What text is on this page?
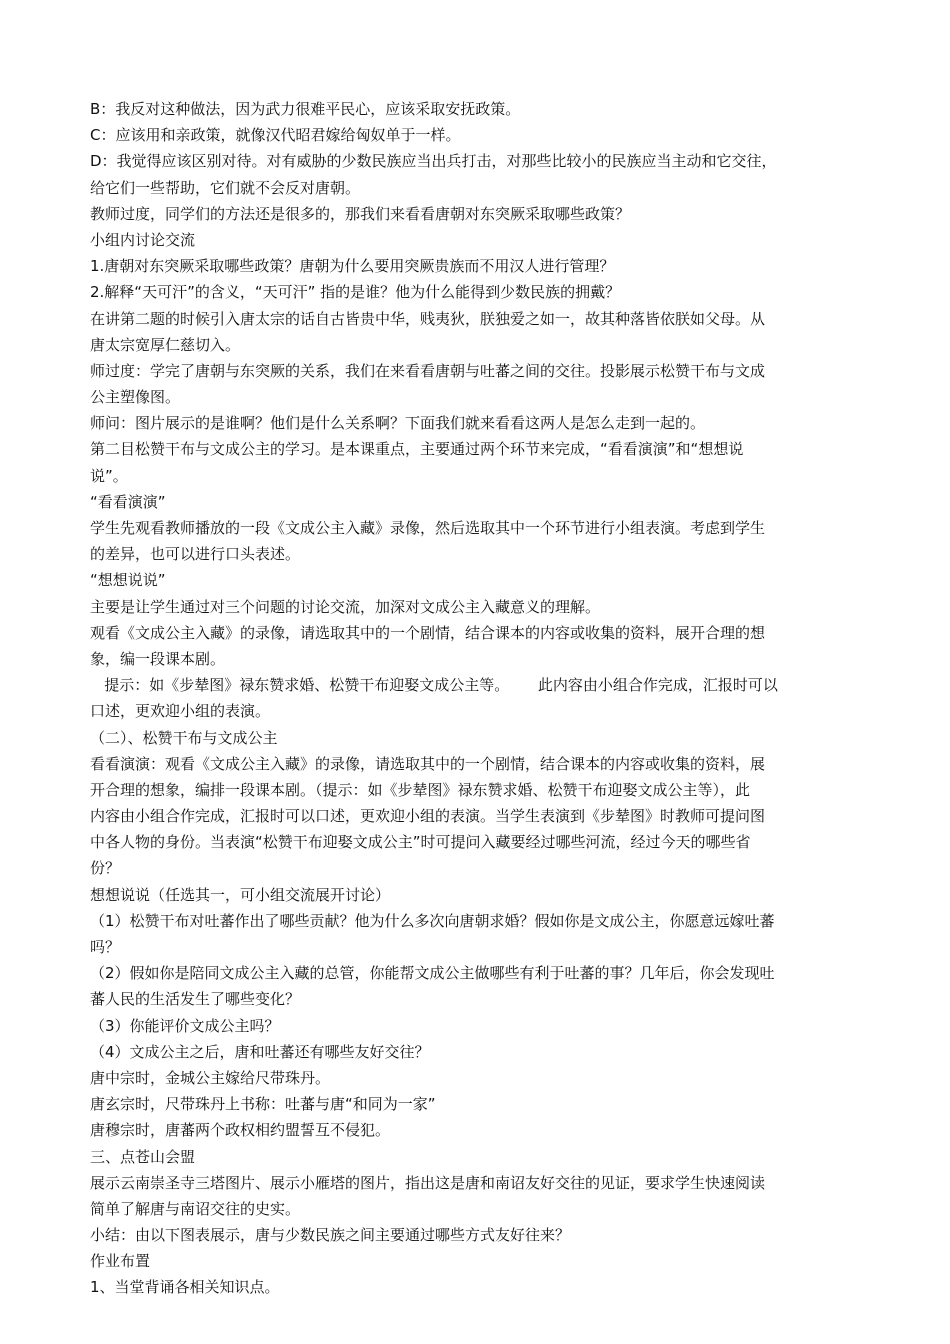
B：我反对这种做法，因为武力很难平民心，应该采取安抚政策。
C：应该用和亲政策，就像汉代昭君嫁给匈奴单于一样。
D：我觉得应该区别对待。对有威胁的少数民族应当出兵打击，对那些比较小的民族应当主动和它交往，
给它们一些帮助，它们就不会反对唐朝。
教师过度，同学们的方法还是很多的，那我们来看看唐朝对东突厥采取哪些政策？
小组内讨论交流
1.唐朝对东突厥采取哪些政策？唐朝为什么要用突厥贵族而不用汉人进行管理？
2.解释“天可汗”的含义，“天可汗” 指的是谁？他为什么能得到少数民族的拥戴？
在讲第二题的时候引入唐太宗的话自古皆贵中华，贱夷狄，朕独爱之如一，故其种落皆依朕如父母。从
唐太宗宽厚仁慈切入。
师过度：学完了唐朝与东突厥的关系，我们在来看看唐朝与吐蕃之间的交往。投影展示松赞干布与文成
公主塑像图。
师问：图片展示的是谁啊？他们是什么关系啊？下面我们就来看看这两人是怎么走到一起的。
第二目松赞干布与文成公主的学习。是本课重点，主要通过两个环节来完成，“看看演演”和“想想说
说”。
“看看演演”
学生先观看教师播放的一段《文成公主入藏》录像，然后选取其中一个环节进行小组表演。考虑到学生
的差异，也可以进行口头表述。
“想想说说”
主要是让学生通过对三个问题的讨论交流，加深对文成公主入藏意义的理解。
观看《文成公主入藏》的录像，请选取其中的一个剧情，结合课本的内容或收集的资料，展开合理的想
象，编一段课本剧。
提示：如《步辇图》禄东赞求婚、松赞干布迎娶文成公主等。      此内容由小组合作完成，汇报时可以
口述，更欢迎小组的表演。
（二）、松赞干布与文成公主
看看演演：观看《文成公主入藏》的录像，请选取其中的一个剧情，结合课本的内容或收集的资料，展
开合理的想象，编排一段课本剧。（提示：如《步辇图》禄东赞求婚、松赞干布迎娶文成公主等），此
内容由小组合作完成，汇报时可以口述，更欢迎小组的表演。当学生表演到《步辇图》时教师可提问图
中各人物的身份。当表演“松赞干布迎娶文成公主”时可提问入藏要经过哪些河流，经过今天的哪些省
份？
想想说说（任选其一，可小组交流展开讨论）
（1）松赞干布对吐蕃作出了哪些贡献？他为什么多次向唐朝求婚？假如你是文成公主，你愿意远嫁吐蕃
吗？
（2）假如你是陪同文成公主入藏的总管，你能帮文成公主做哪些有利于吐蕃的事？几年后，你会发现吐
蕃人民的生活发生了哪些变化？
（3）你能评价文成公主吗？
（4）文成公主之后，唐和吐蕃还有哪些友好交往？
唐中宗时，金城公主嫁给尺带珠丹。
唐玄宗时，尺带珠丹上书称：吐蕃与唐“和同为一家”
唐穆宗时，唐蕃两个政权相约盟誓互不侵犯。
三、点苍山会盟
展示云南崇圣寺三塔图片、展示小雁塔的图片，指出这是唐和南诏友好交往的见证，要求学生快速阅读
简单了解唐与南诏交往的史实。
小结：由以下图表展示，唐与少数民族之间主要通过哪些方式友好往来？
作业布置
1、当堂背诵各相关知识点。
